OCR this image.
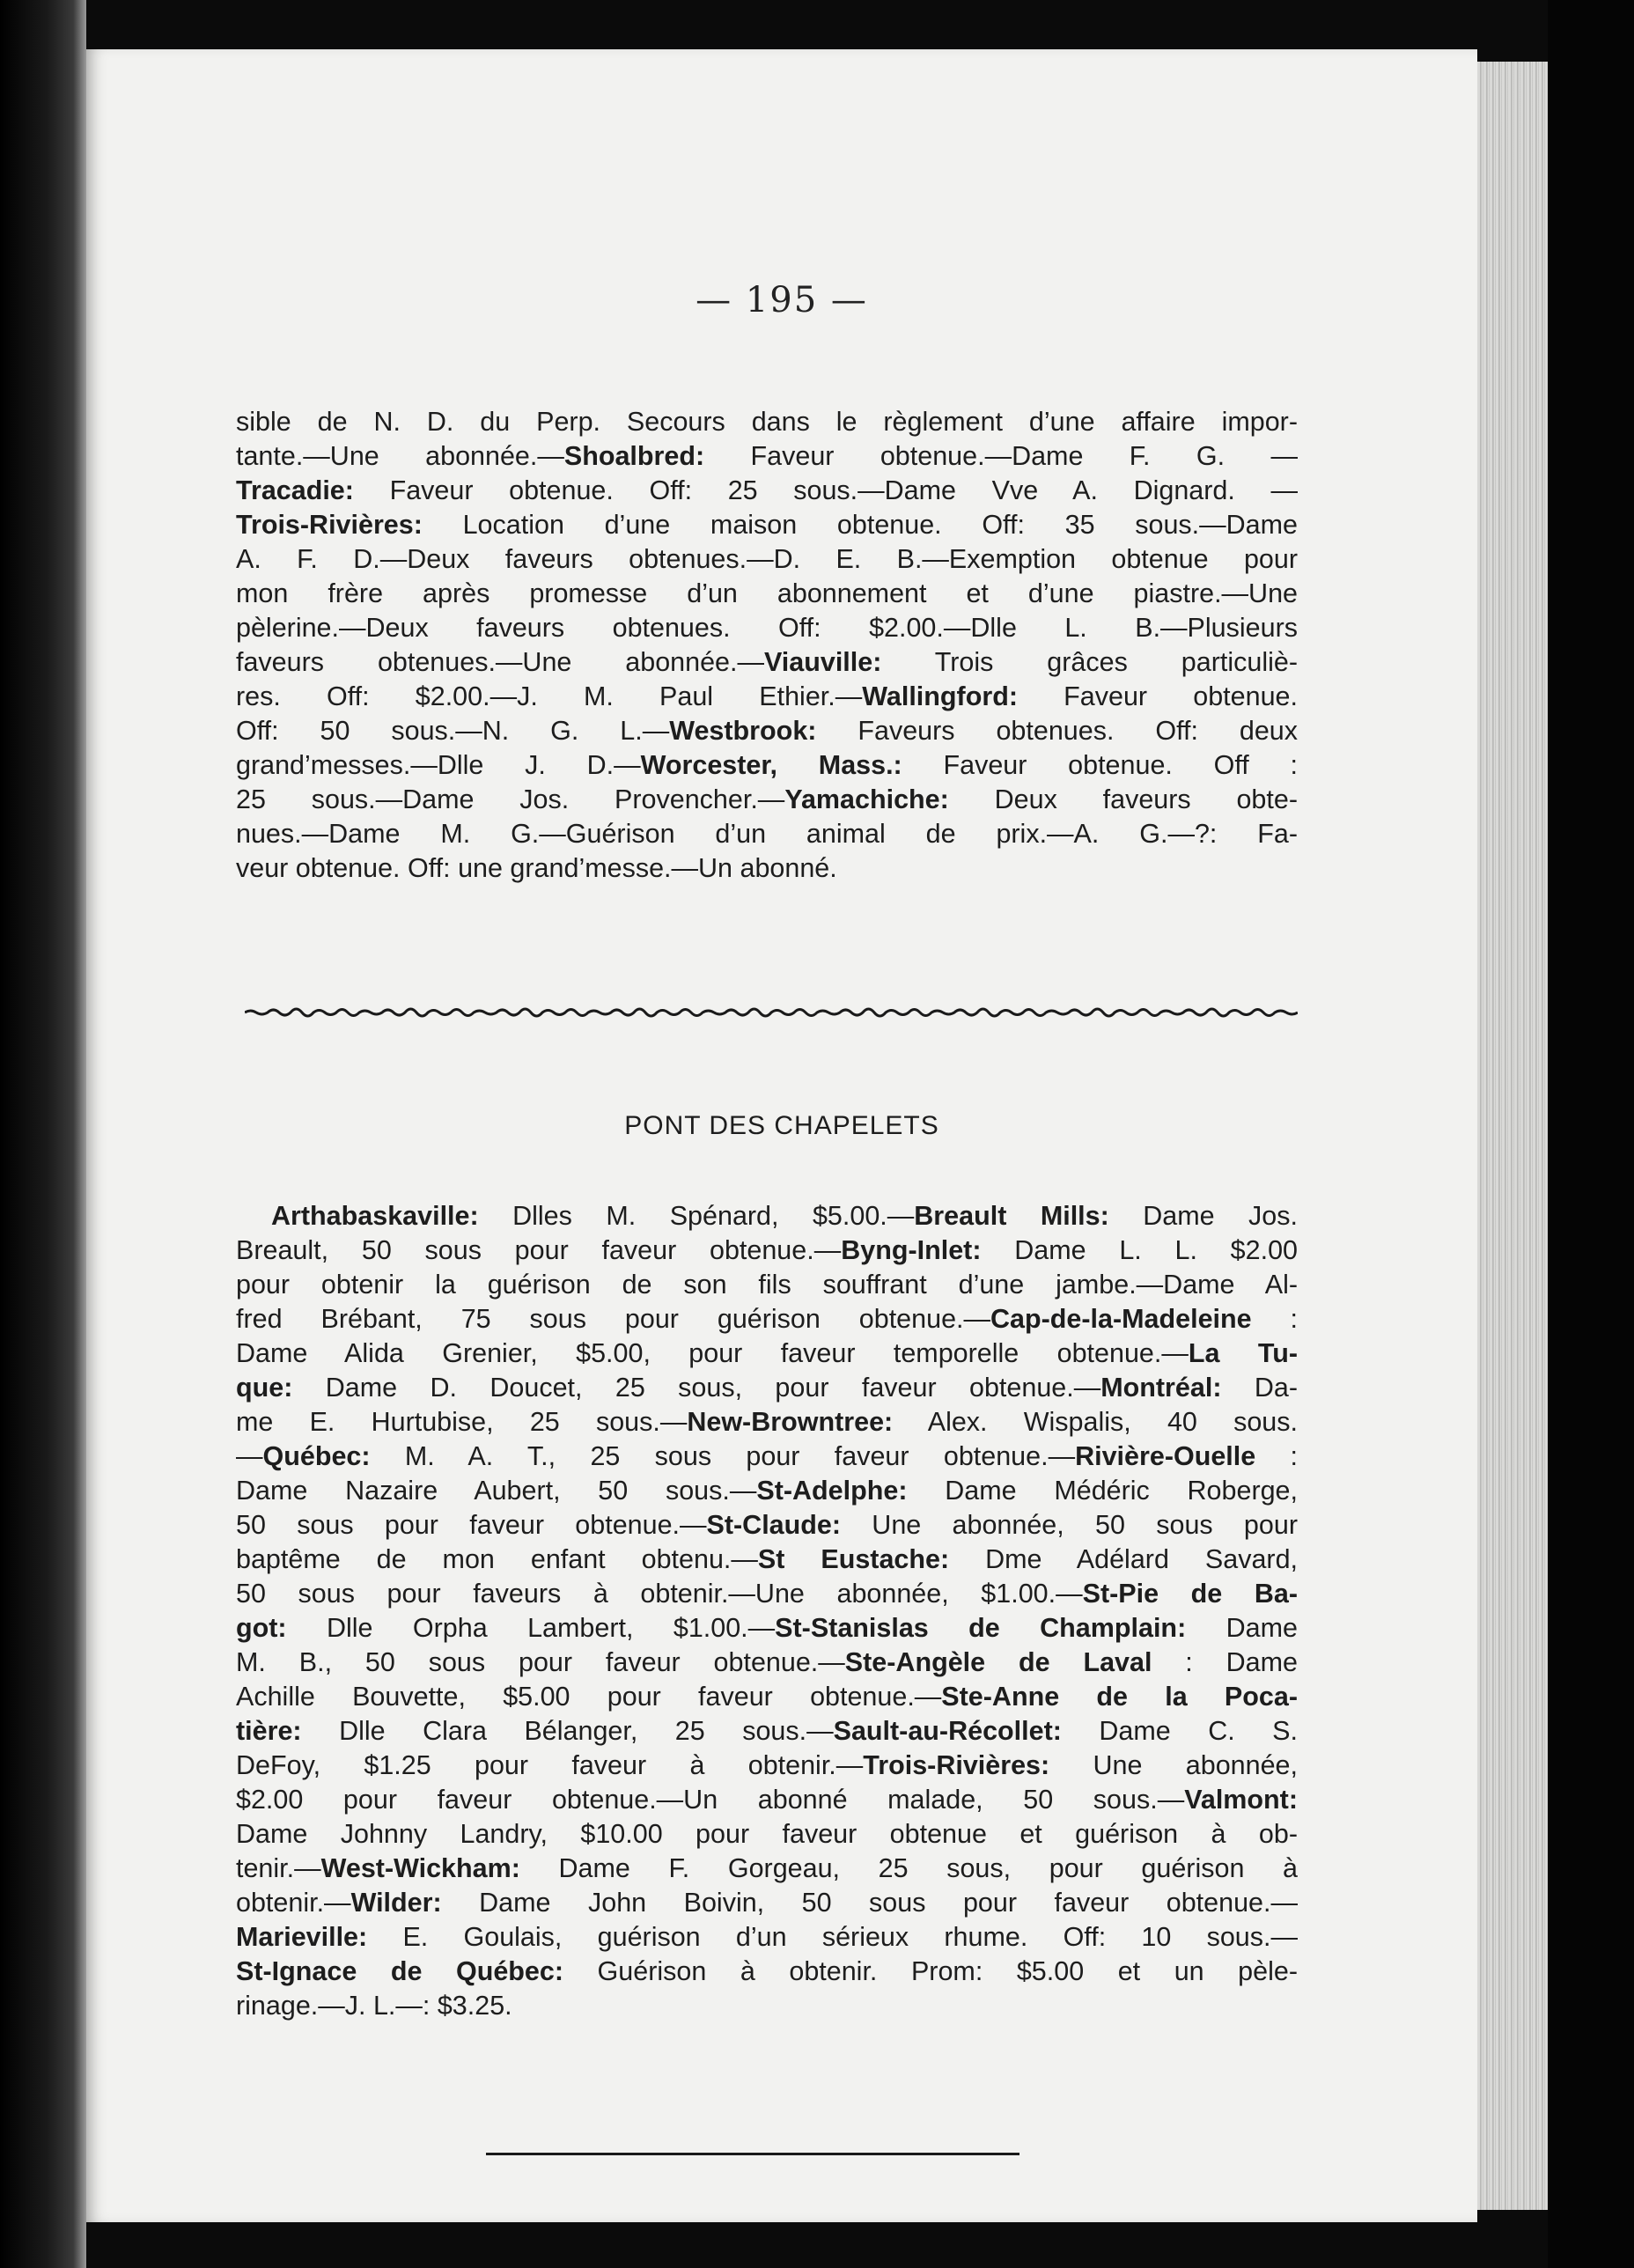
— 195 —
sible de N. D. du Perp. Secours dans le règlement d’une affaire impor-
tante.—Une abonnée.—Shoalbred: Faveur obtenue.—Dame F. G. —
Tracadie: Faveur obtenue. Off: 25 sous.—Dame Vve A. Dignard. —
Trois-Rivières: Location d’une maison obtenue. Off: 35 sous.—Dame
A. F. D.—Deux faveurs obtenues.—D. E. B.—Exemption obtenue pour
mon frère après promesse d’un abonnement et d’une piastre.—Une
pèlerine.—Deux faveurs obtenues. Off: $2.00.—Dlle L. B.—Plusieurs
faveurs obtenues.—Une abonnée.—Viauville: Trois grâces particuliè-
res. Off: $2.00.—J. M. Paul Ethier.—Wallingford: Faveur obtenue.
Off: 50 sous.—N. G. L.—Westbrook: Faveurs obtenues. Off: deux
grand’messes.—Dlle J. D.—Worcester, Mass.: Faveur obtenue. Off :
25 sous.—Dame Jos. Provencher.—Yamachiche: Deux faveurs obte-
nues.—Dame M. G.—Guérison d’un animal de prix.—A. G.—?: Fa-
veur obtenue. Off: une grand’messe.—Un abonné.
PONT DES CHAPELETS
Arthabaskaville: Dlles M. Spénard, $5.00.—Breault Mills: Dame Jos.
Breault, 50 sous pour faveur obtenue.—Byng-Inlet: Dame L. L. $2.00
pour obtenir la guérison de son fils souffrant d’une jambe.—Dame Al-
fred Brébant, 75 sous pour guérison obtenue.—Cap-de-la-Madeleine :
Dame Alida Grenier, $5.00, pour faveur temporelle obtenue.—La Tu-
que: Dame D. Doucet, 25 sous, pour faveur obtenue.—Montréal: Da-
me E. Hurtubise, 25 sous.—New-Browntree: Alex. Wispalis, 40 sous.
—Québec: M. A. T., 25 sous pour faveur obtenue.—Rivière-Ouelle :
Dame Nazaire Aubert, 50 sous.—St-Adelphe: Dame Médéric Roberge,
50 sous pour faveur obtenue.—St-Claude: Une abonnée, 50 sous pour
baptême de mon enfant obtenu.—St Eustache: Dme Adélard Savard,
50 sous pour faveurs à obtenir.—Une abonnée, $1.00.—St-Pie de Ba-
got: Dlle Orpha Lambert, $1.00.—St-Stanislas de Champlain: Dame
M. B., 50 sous pour faveur obtenue.—Ste-Angèle de Laval : Dame
Achille Bouvette, $5.00 pour faveur obtenue.—Ste-Anne de la Poca-
tière: Dlle Clara Bélanger, 25 sous.—Sault-au-Récollet: Dame C. S.
DeFoy, $1.25 pour faveur à obtenir.—Trois-Rivières: Une abonnée,
$2.00 pour faveur obtenue.—Un abonné malade, 50 sous.—Valmont:
Dame Johnny Landry, $10.00 pour faveur obtenue et guérison à ob-
tenir.—West-Wickham: Dame F. Gorgeau, 25 sous, pour guérison à
obtenir.—Wilder: Dame John Boivin, 50 sous pour faveur obtenue.—
Marieville: E. Goulais, guérison d’un sérieux rhume. Off: 10 sous.—
St-Ignace de Québec: Guérison à obtenir. Prom: $5.00 et un pèle-
rinage.—J. L.—: $3.25.
